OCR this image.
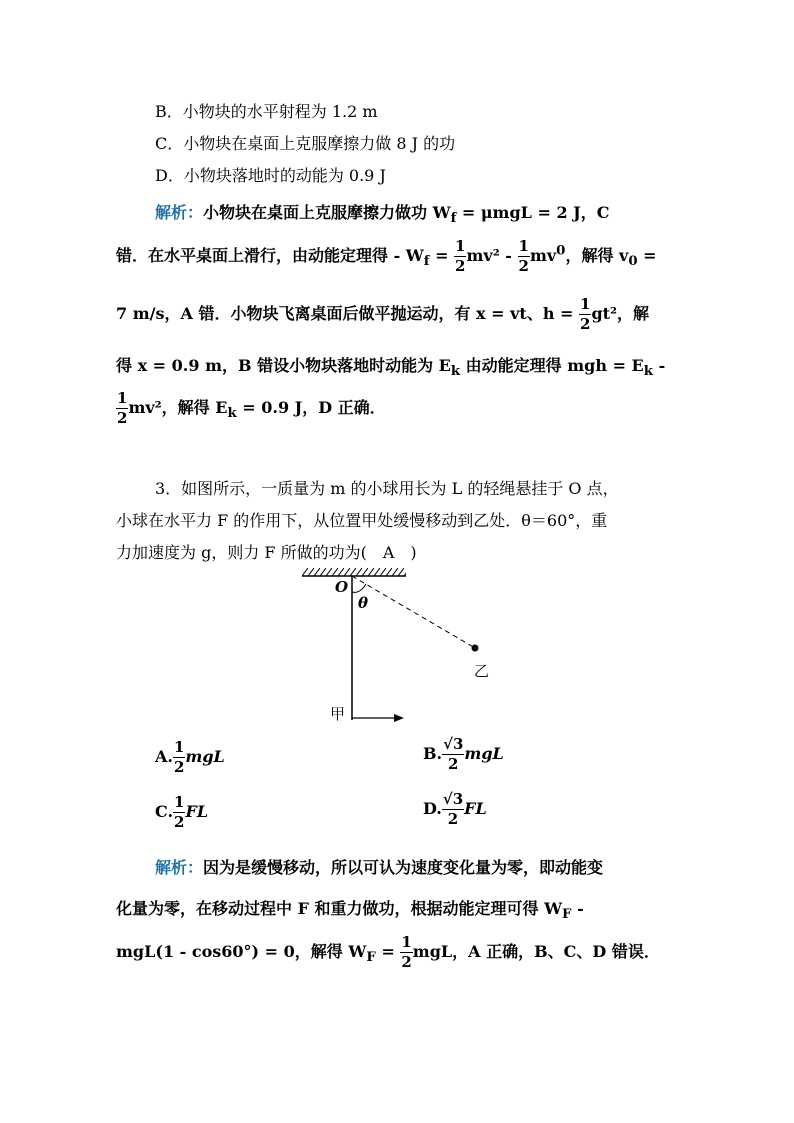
B．小物块的水平射程为 1.2 m
C．小物块在桌面上克服摩擦力做 8 J 的功
D．小物块落地时的动能为 0.9 J
解析：小物块在桌面上克服摩擦力做功 $W_f = \mu mgL = 2$ J，C
错．在水平桌面上滑行，由动能定理得 - $W_f = \frac{1}{2} mv^2 - \frac{1}{2} mv^0$，解得 $v_0$ =
7 m/s，A 错．小物块飞离桌面后做平抛运动，有 x = vt、$h = \frac{1}{2} gt^2$，解
得 x = 0.9 m，B 错设小物块落地时动能为 $E_k$ 由动能定理得 mgh = $E_k$ -
$\frac{1}{2} mv^2$，解得 $E_k = 0.9$ J，D 正确．
3．如图所示，一质量为 m 的小球用长为 L 的轻绳悬挂于 O 点，
小球在水平力 F 的作用下，从位置甲处缓慢移动到乙处．θ＝60°，重
力加速度为 g，则力 F 所做的功为(　A　)
O
θ
乙
甲
A. $\frac{1}{2}$ mgL	B. $\frac{√3}{2}$ mgL
C. $\frac{1}{2}$ FL	D. $\frac{√3}{2}$ FL
解析：因为是缓慢移动，所以可认为速度变化量为零，即动能变
化量为零，在移动过程中 F 和重力做功，根据动能定理可得 $W_F$ -
mgL(1 - cos60°) = 0，解得 $W_F = \frac{1}{2}$ mgL，A 正确，B、C、D 错误．
